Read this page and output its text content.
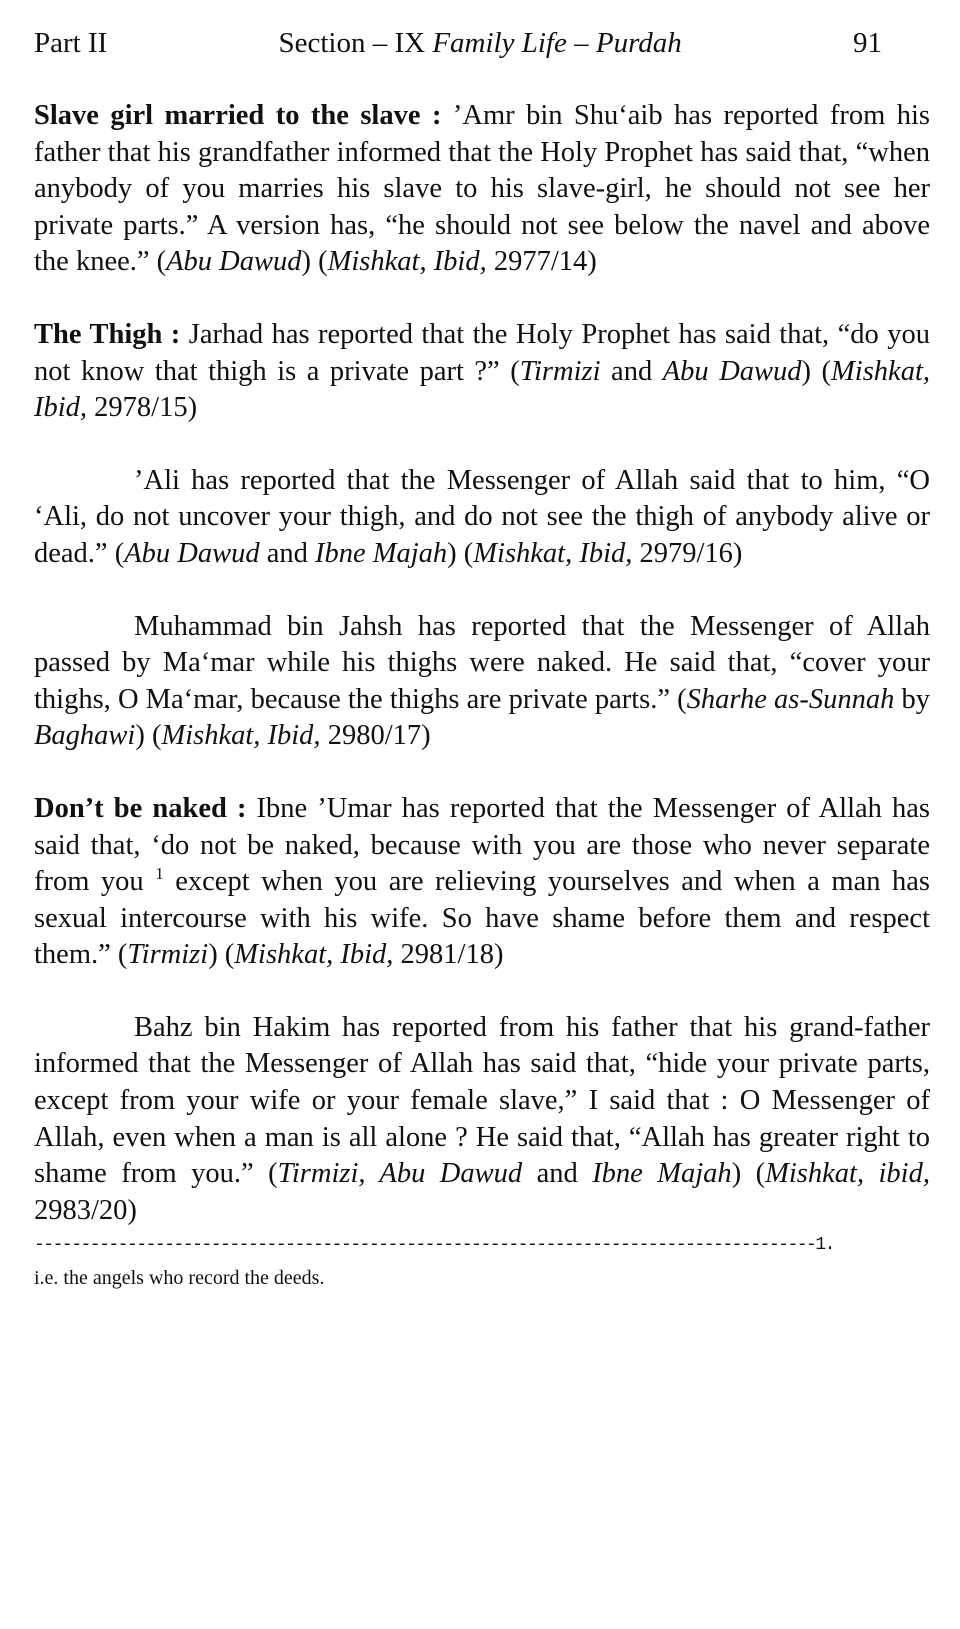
Part II	Section – IX Family Life – Purdah	91

Slave girl married to the slave : ’Amr bin Shu‘aib has reported from his father that his grandfather informed that the Holy Prophet has said that, “when anybody of you marries his slave to his slave-girl, he should not see her private parts.” A version has, “he should not see below the navel and above the knee.” (Abu Dawud) (Mishkat, Ibid, 2977/14)

The Thigh : Jarhad has reported that the Holy Prophet has said that, “do you not know that thigh is a private part ?” (Tirmizi and Abu Dawud) (Mishkat, Ibid, 2978/15)

’Ali has reported that the Messenger of Allah said that to him, “O ‘Ali, do not uncover your thigh, and do not see the thigh of anybody alive or dead.” (Abu Dawud and Ibne Majah) (Mishkat, Ibid, 2979/16)

Muhammad bin Jahsh has reported that the Messenger of Allah passed by Ma‘mar while his thighs were naked. He said that, “cover your thighs, O Ma‘mar, because the thighs are private parts.” (Sharhe as-Sunnah by Baghawi) (Mishkat, Ibid, 2980/17)

Don’t be naked : Ibne ’Umar has reported that the Messenger of Allah has said that, ‘do not be naked, because with you are those who never separate from you $^1$ except when you are relieving yourselves and when a man has sexual intercourse with his wife. So have shame before them and respect them.” (Tirmizi) (Mishkat, Ibid, 2981/18)

Bahz bin Hakim has reported from his father that his grand-father informed that the Messenger of Allah has said that, “hide your private parts, except from your wife or your female slave,” I said that : O Messenger of Allah, even when a man is all alone ? He said that, “Allah has greater right to shame from you.” (Tirmizi, Abu Dawud and Ibne Majah) (Mishkat, ibid, 2983/20)

------------------------------------------------------------------------------------1.
i.e. the angels who record the deeds.
